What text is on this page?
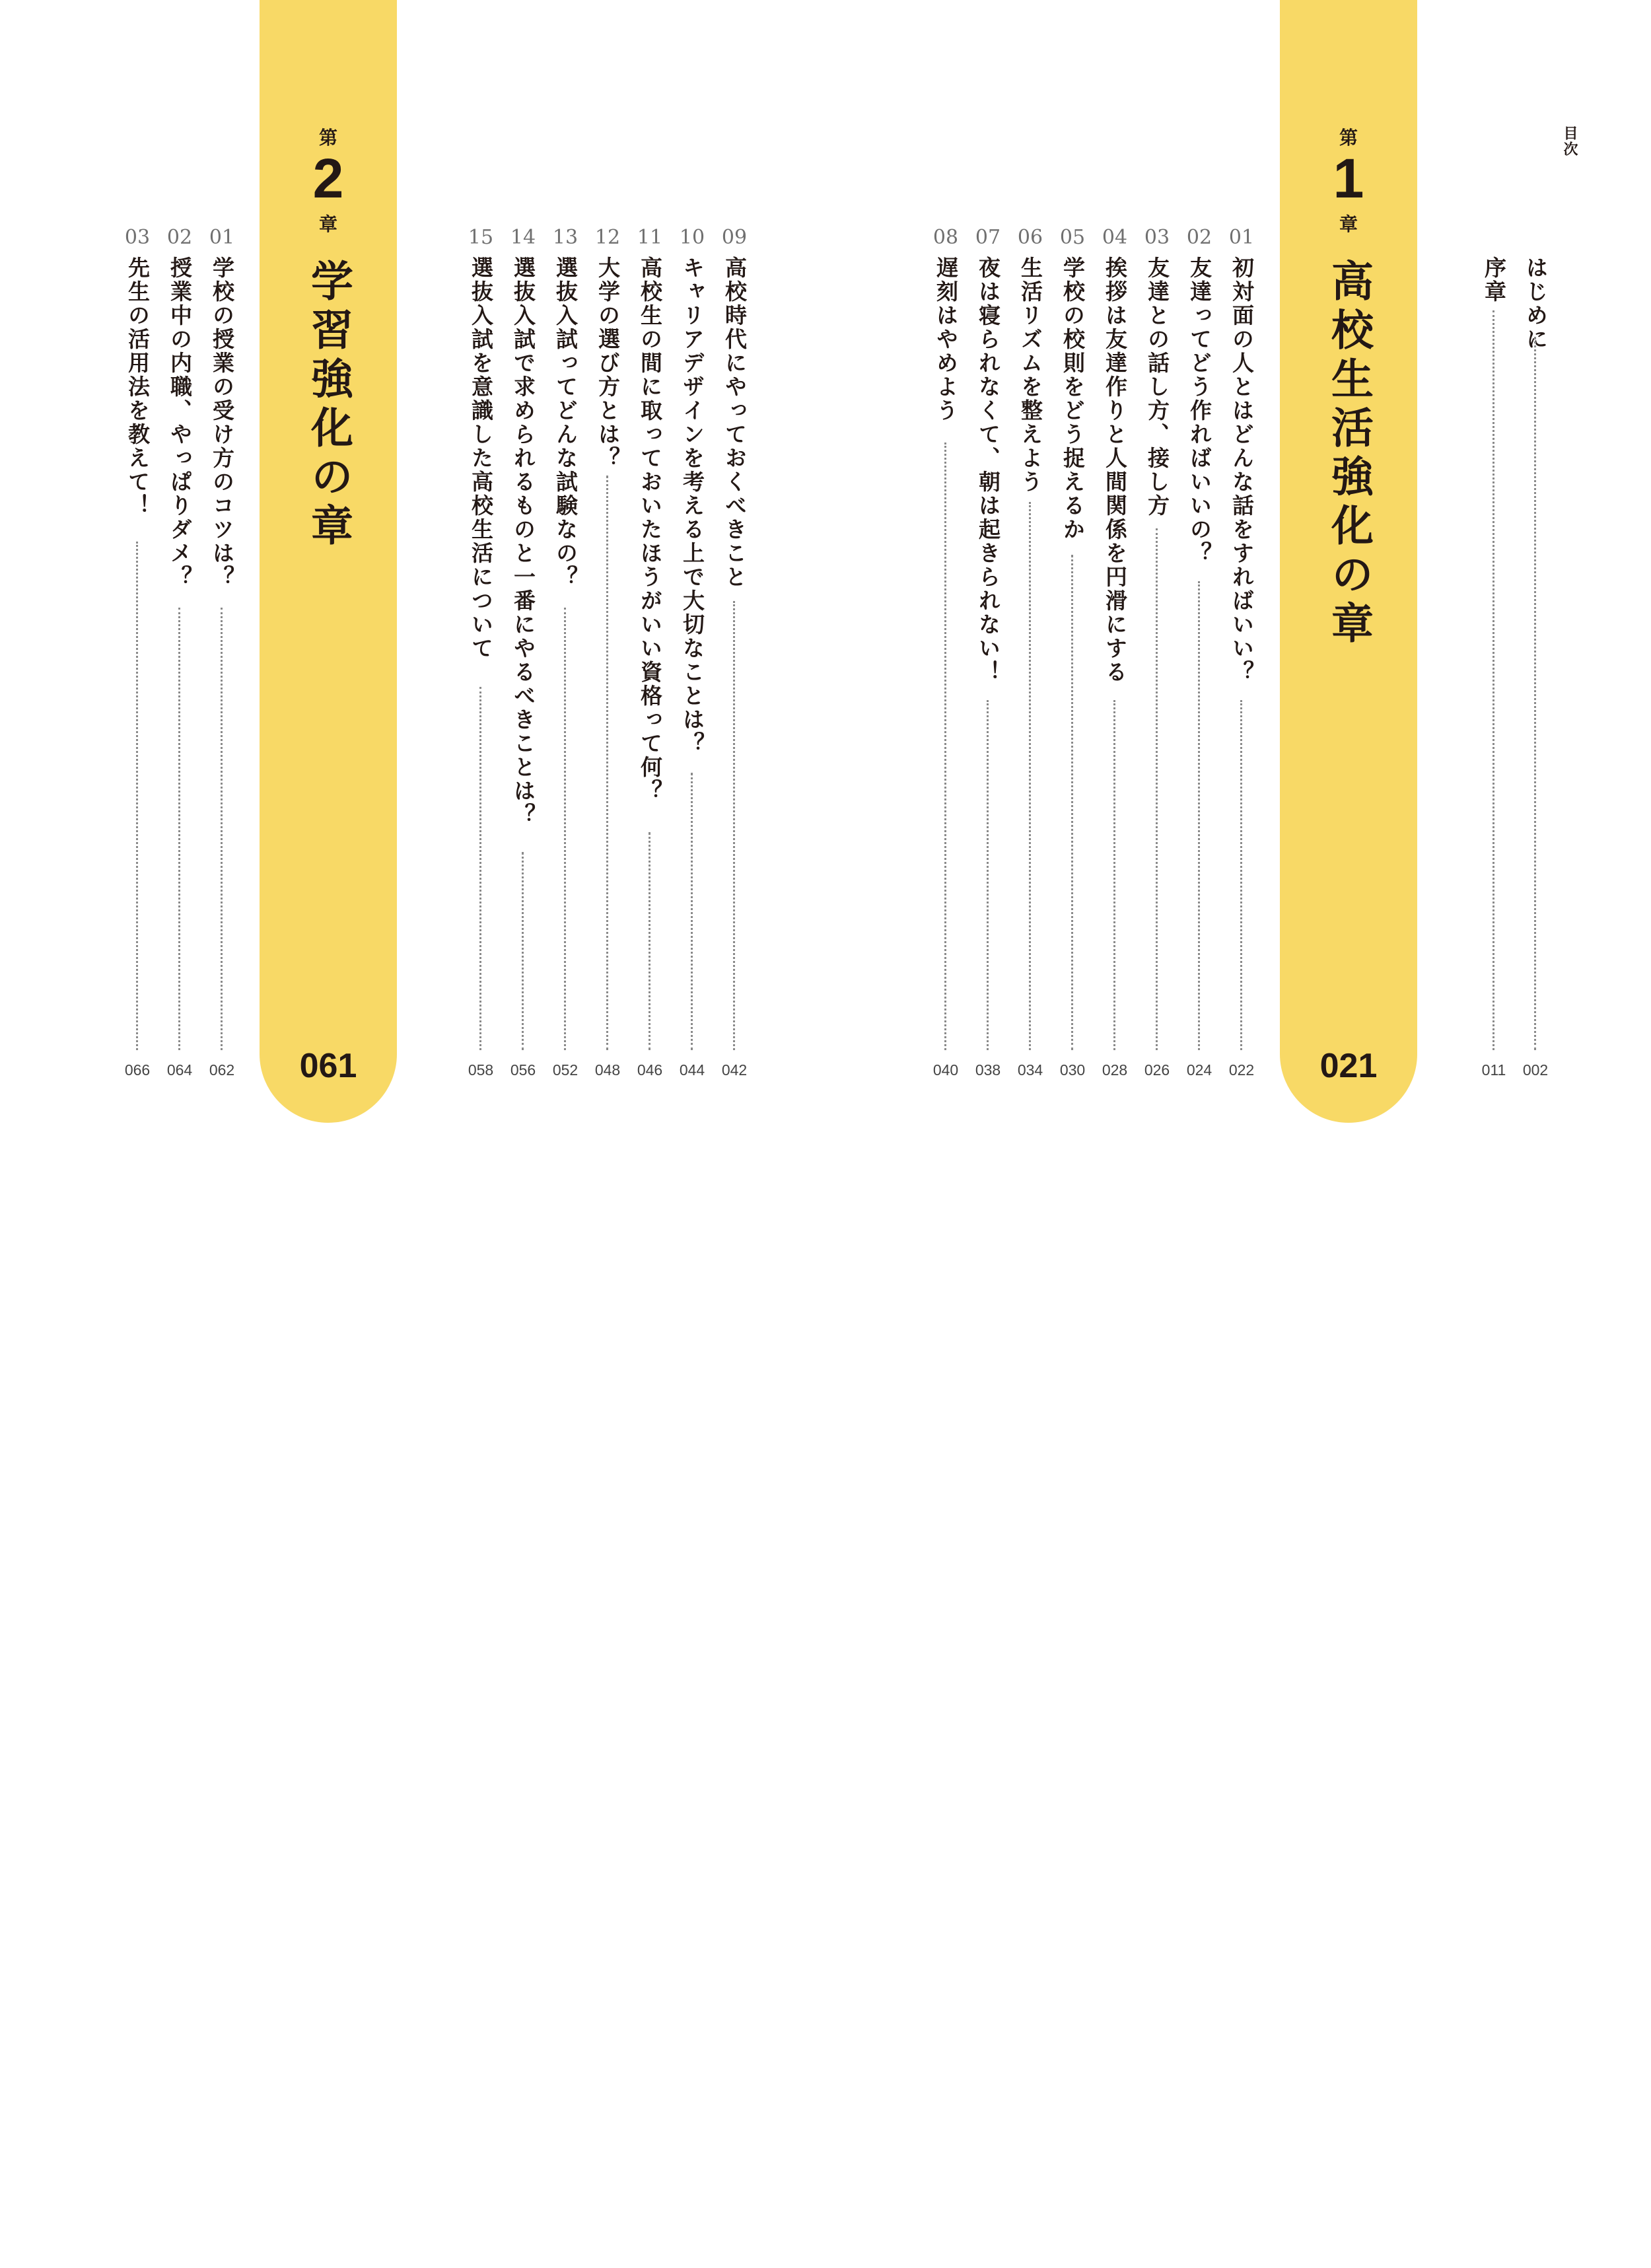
目次
はじめに
002
序章
011
第
1
章
高校生活強化の章
021
01
初対面の人とはどんな話をすればいい？
022
02
友達ってどう作ればいいの？
024
03
友達との話し方、接し方
026
04
挨拶は友達作りと人間関係を円滑にする
028
05
学校の校則をどう捉えるか
030
06
生活リズムを整えよう
034
07
夜は寝られなくて、朝は起きられない！
038
08
遅刻はやめよう
040
09
高校時代にやっておくべきこと
042
10
キャリアデザインを考える上で大切なことは？
044
11
高校生の間に取っておいたほうがいい資格って何？
046
12
大学の選び方とは？
048
13
選抜入試ってどんな試験なの？
052
14
選抜入試で求められるものと一番にやるべきことは？
056
15
選抜入試を意識した高校生活について
058
第
2
章
学習強化の章
061
01
学校の授業の受け方のコツは？
062
02
授業中の内職、やっぱりダメ？
064
03
先生の活用法を教えて！
066
